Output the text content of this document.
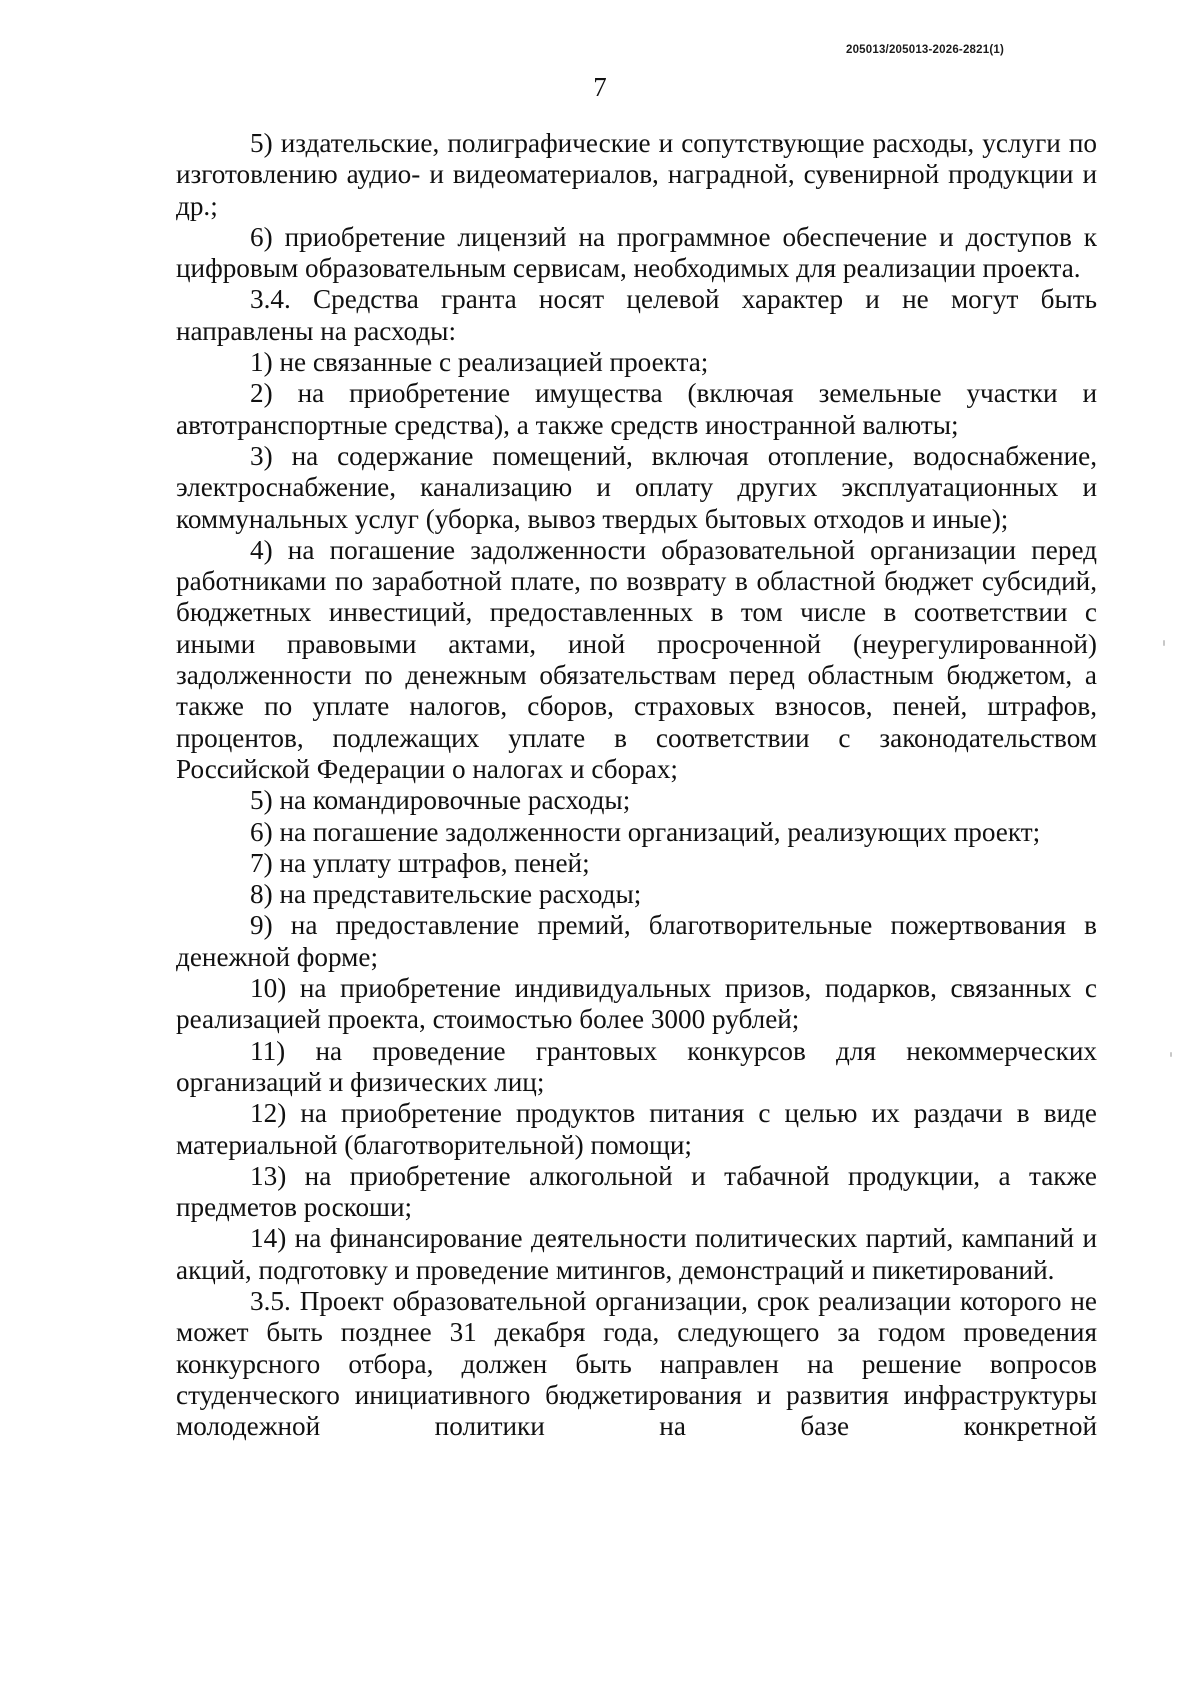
205013/205013-2026-2821(1)
7

5) издательские, полиграфические и сопутствующие расходы, услуги по изготовлению аудио- и видеоматериалов, наградной, сувенирной продукции и др.;

6) приобретение лицензий на программное обеспечение и доступов к цифровым образовательным сервисам, необходимых для реализации проекта.

3.4. Средства гранта носят целевой характер и не могут быть направлены на расходы:

1) не связанные с реализацией проекта;

2) на приобретение имущества (включая земельные участки и автотранспортные средства), а также средств иностранной валюты;

3) на содержание помещений, включая отопление, водоснабжение, электроснабжение, канализацию и оплату других эксплуатационных и коммунальных услуг (уборка, вывоз твердых бытовых отходов и иные);

4) на погашение задолженности образовательной организации перед работниками по заработной плате, по возврату в областной бюджет субсидий, бюджетных инвестиций, предоставленных в том числе в соответствии с иными правовыми актами, иной просроченной (неурегулированной) задолженности по денежным обязательствам перед областным бюджетом, а также по уплате налогов, сборов, страховых взносов, пеней, штрафов, процентов, подлежащих уплате в соответствии с законодательством Российской Федерации о налогах и сборах;

5) на командировочные расходы;

6) на погашение задолженности организаций, реализующих проект;

7) на уплату штрафов, пеней;

8) на представительские расходы;

9) на предоставление премий, благотворительные пожертвования в денежной форме;

10) на приобретение индивидуальных призов, подарков, связанных с реализацией проекта, стоимостью более 3000 рублей;

11) на проведение грантовых конкурсов для некоммерческих организаций и физических лиц;

12) на приобретение продуктов питания с целью их раздачи в виде материальной (благотворительной) помощи;

13) на приобретение алкогольной и табачной продукции, а также предметов роскоши;

14) на финансирование деятельности политических партий, кампаний и акций, подготовку и проведение митингов, демонстраций и пикетирований.

3.5. Проект образовательной организации, срок реализации которого не может быть позднее 31 декабря года, следующего за годом проведения конкурсного отбора, должен быть направлен на решение вопросов студенческого инициативного бюджетирования и развития инфраструктуры молодежной политики на базе конкретной
